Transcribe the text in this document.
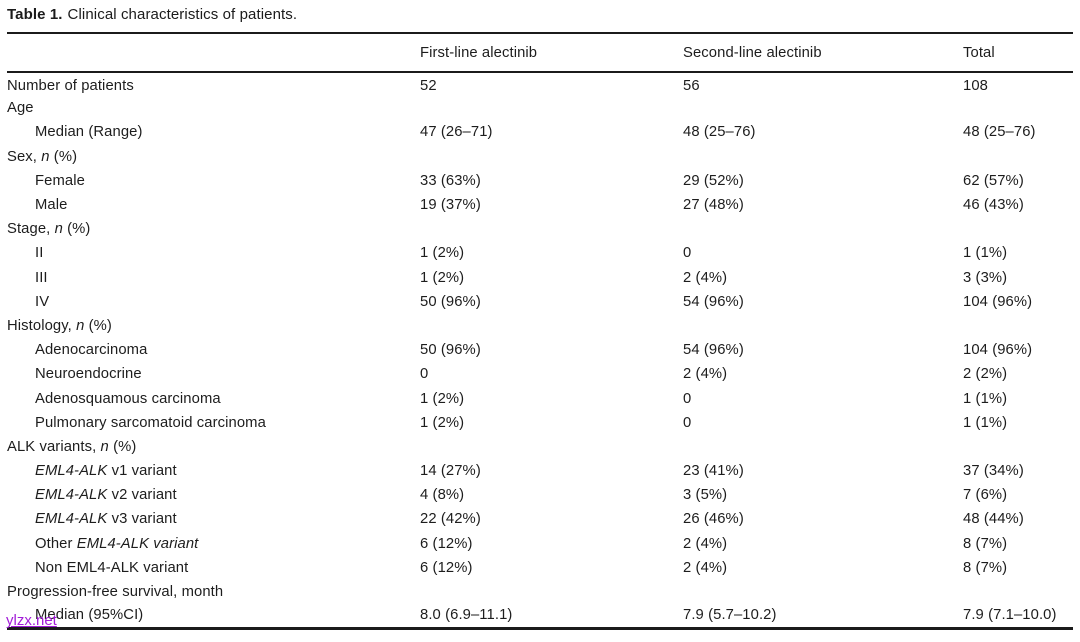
Table 1. Clinical characteristics of patients.
	First-line alectinib	Second-line alectinib	Total
Number of patients	52	56	108
Age			
Median (Range)	47 (26–71)	48 (25–76)	48 (25–76)
Sex, n (%)			
Female	33 (63%)	29 (52%)	62 (57%)
Male	19 (37%)	27 (48%)	46 (43%)
Stage, n (%)			
II	1 (2%)	0	1 (1%)
III	1 (2%)	2 (4%)	3 (3%)
IV	50 (96%)	54 (96%)	104 (96%)
Histology, n (%)			
Adenocarcinoma	50 (96%)	54 (96%)	104 (96%)
Neuroendocrine	0	2 (4%)	2 (2%)
Adenosquamous carcinoma	1 (2%)	0	1 (1%)
Pulmonary sarcomatoid carcinoma	1 (2%)	0	1 (1%)
ALK variants, n (%)			
EML4-ALK v1 variant	14 (27%)	23 (41%)	37 (34%)
EML4-ALK v2 variant	4 (8%)	3 (5%)	7 (6%)
EML4-ALK v3 variant	22 (42%)	26 (46%)	48 (44%)
Other EML4-ALK variant	6 (12%)	2 (4%)	8 (7%)
Non EML4-ALK variant	6 (12%)	2 (4%)	8 (7%)
Progression-free survival, month			
Median (95%CI)	8.0 (6.9–11.1)	7.9 (5.7–10.2)	7.9 (7.1–10.0)
ylzx.net
